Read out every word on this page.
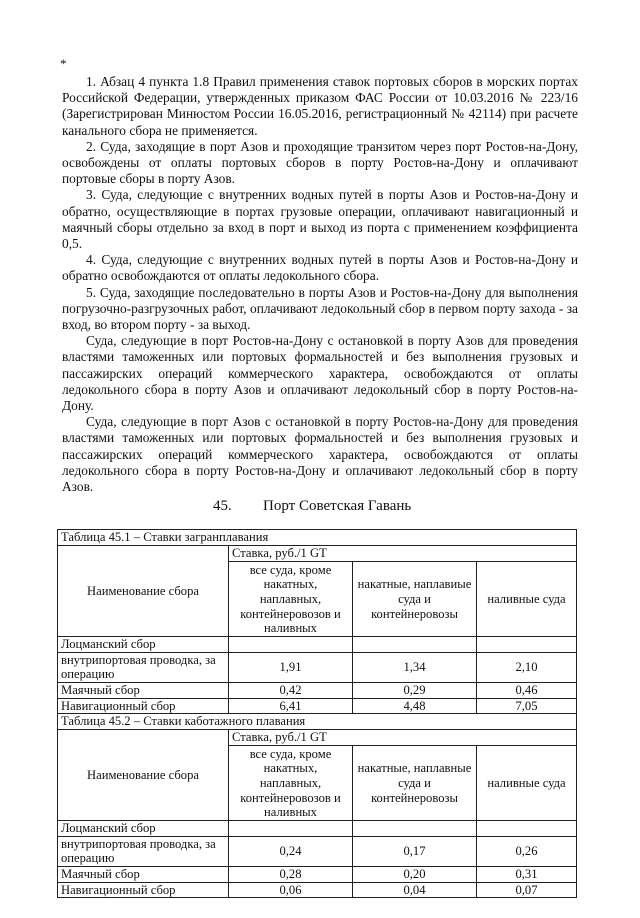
*

1. Абзац 4 пункта 1.8 Правил применения ставок портовых сборов в морских портах Российской Федерации, утвержденных приказом ФАС России от 10.03.2016 № 223/16 (Зарегистрирован Минюстом России 16.05.2016, регистрационный № 42114) при расчете канального сбора не применяется.

2. Суда, заходящие в порт Азов и проходящие транзитом через порт Ростов-на-Дону, освобождены от оплаты портовых сборов в порту Ростов-на-Дону и оплачивают портовые сборы в порту Азов.

3. Суда, следующие с внутренних водных путей в порты Азов и Ростов-на-Дону и обратно, осуществляющие в портах грузовые операции, оплачивают навигационный и маячный сборы отдельно за вход в порт и выход из порта с применением коэффициента 0,5.

4. Суда, следующие с внутренних водных путей в порты Азов и Ростов-на-Дону и обратно освобождаются от оплаты ледокольного сбора.

5. Суда, заходящие последовательно в порты Азов и Ростов-на-Дону для выполнения погрузочно-разгрузочных работ, оплачивают ледокольный сбор в первом порту захода - за вход, во втором порту - за выход.

Суда, следующие в порт Ростов-на-Дону с остановкой в порту Азов для проведения властями таможенных или портовых формальностей и без выполнения грузовых и пассажирских операций коммерческого характера, освобождаются от оплаты ледокольного сбора в порту Азов и оплачивают ледокольный сбор в порту Ростов-на-Дону.

Суда, следующие в порт Азов с остановкой в порту Ростов-на-Дону для проведения властями таможенных или портовых формальностей и без выполнения грузовых и пассажирских операций коммерческого характера, освобождаются от оплаты ледокольного сбора в порту Ростов-на-Дону и оплачивают ледокольный сбор в порту Азов.

45. Порт Советская Гавань
Таблица 45.1 – Ставки загранплавания			
Наименование сбора	Ставка, руб./1 GT		
	все суда, кроме накатных, наплавных, контейнеровозов и наливных	накатные, наплавиые суда и контейнеровозы	наливные суда
Лоцманский сбор			
внутрипортовая проводка, за операцию	1,91	1,34	2,10
Маячный сбор	0,42	0,29	0,46
Навигационный сбор	6,41	4,48	7,05
Таблица 45.2 – Ставки каботажного плавания			
Наименование сбора	Ставка, руб./1 GT		
	все суда, кроме накатных, наплавных, контейнеровозов и наливных	накатные, наплавные суда и контейнеровозы	наливные суда
Лоцманский сбор			
внутрипортовая проводка, за операцию	0,24	0,17	0,26
Маячный сбор	0,28	0,20	0,31
Навигационный сбор	0,06	0,04	0,07
